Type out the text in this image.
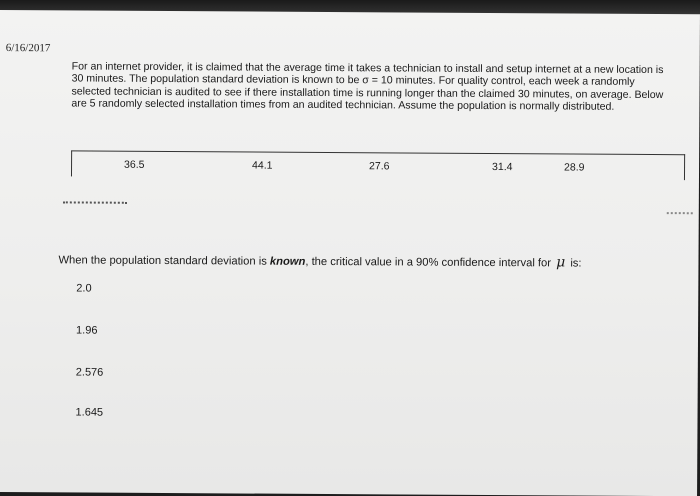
6/16/2017
For an internet provider, it is claimed that the average time it takes a technician to install and setup internet at a new location is 30 minutes. The population standard deviation is known to be σ = 10 minutes. For quality control, each week a randomly selected technician is audited to see if there installation time is running longer than the claimed 30 minutes, on average. Below are 5 randomly selected installation times from an audited technician. Assume the population is normally distributed.
36.5	44.1	27.6	31.4	28.9
When the population standard deviation is known, the critical value in a 90% confidence interval for μ is:
2.0
1.96
2.576
1.645
